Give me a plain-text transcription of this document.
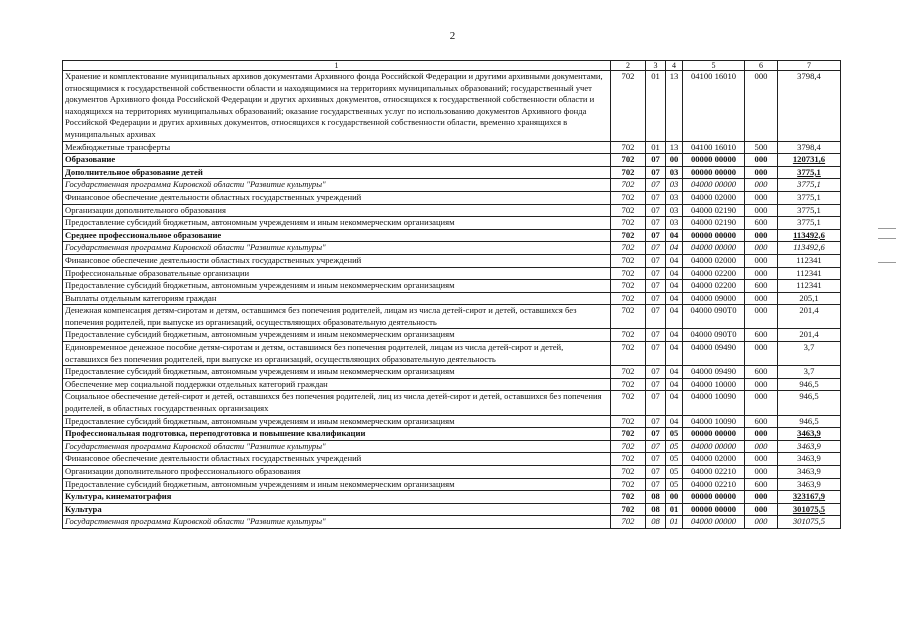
2
1	2	3	4	5	6	7
Хранение и комплектование муниципальных архивов документами Архивного фонда Российской Федерации и другими архивными документами, относящимися к государственной собственности области и находящимися на территориях муниципальных образований; государственный учет документов Архивного фонда Российской Федерации и других архивных документов, относящихся к государственной собственности области и находящихся на территориях муниципальных образований; оказание государственных услуг по использованию документов Архивного фонда Российской Федерации и других архивных документов, относящихся к государственной собственности области, временно хранящихся в муниципальных архивах	702	01	13	04100 16010	000	3798,4
Межбюджетные трансферты	702	01	13	04100 16010	500	3798,4
Образование	702	07	00	00000 00000	000	120731,6
Дополнительное образование детей	702	07	03	00000 00000	000	3775,1
Государственная программа Кировской области "Развитие культуры"	702	07	03	04000 00000	000	3775,1
Финансовое обеспечение деятельности областных государственных учреждений	702	07	03	04000 02000	000	3775,1
Организации дополнительного образования	702	07	03	04000 02190	000	3775,1
Предоставление субсидий бюджетным, автономным учреждениям и иным некоммерческим организациям	702	07	03	04000 02190	600	3775,1
Среднее профессиональное образование	702	07	04	00000 00000	000	113492,6
Государственная программа Кировской области "Развитие культуры"	702	07	04	04000 00000	000	113492,6
Финансовое обеспечение деятельности областных государственных учреждений	702	07	04	04000 02000	000	112341
Профессиональные образовательные организации	702	07	04	04000 02200	000	112341
Предоставление субсидий бюджетным, автономным учреждениям и иным некоммерческим организациям	702	07	04	04000 02200	600	112341
Выплаты отдельным категориям граждан	702	07	04	04000 09000	000	205,1
Денежная компенсация детям-сиротам и детям, оставшимся без попечения родителей, лицам из числа детей-сирот и детей, оставшихся без попечения родителей, при выпуске из организаций, осуществляющих образовательную деятельность	702	07	04	04000 090Т0	000	201,4
Предоставление субсидий бюджетным, автономным учреждениям и иным некоммерческим организациям	702	07	04	04000 090Т0	600	201,4
Единовременное денежное пособие детям-сиротам и детям, оставшимся без попечения родителей, лицам из числа детей-сирот и детей, оставшихся без попечения родителей, при выпуске из организаций, осуществляющих образовательную деятельность	702	07	04	04000 09490	000	3,7
Предоставление субсидий бюджетным, автономным учреждениям и иным некоммерческим организациям	702	07	04	04000 09490	600	3,7
Обеспечение мер социальной поддержки отдельных категорий граждан	702	07	04	04000 10000	000	946,5
Социальное обеспечение детей-сирот и детей, оставшихся без попечения родителей, лиц из числа детей-сирот и детей, оставшихся без попечения родителей, в областных государственных организациях	702	07	04	04000 10090	000	946,5
Предоставление субсидий бюджетным, автономным учреждениям и иным некоммерческим организациям	702	07	04	04000 10090	600	946,5
Профессиональная подготовка, переподготовка и повышение квалификации	702	07	05	00000 00000	000	3463,9
Государственная программа Кировской области "Развитие культуры"	702	07	05	04000 00000	000	3463,9
Финансовое обеспечение деятельности областных государственных учреждений	702	07	05	04000 02000	000	3463,9
Организации дополнительного профессионального образования	702	07	05	04000 02210	000	3463,9
Предоставление субсидий бюджетным, автономным учреждениям и иным некоммерческим организациям	702	07	05	04000 02210	600	3463,9
Культура, кинематография	702	08	00	00000 00000	000	323167,9
Культура	702	08	01	00000 00000	000	301075,5
Государственная программа Кировской области "Развитие культуры"	702	08	01	04000 00000	000	301075,5
